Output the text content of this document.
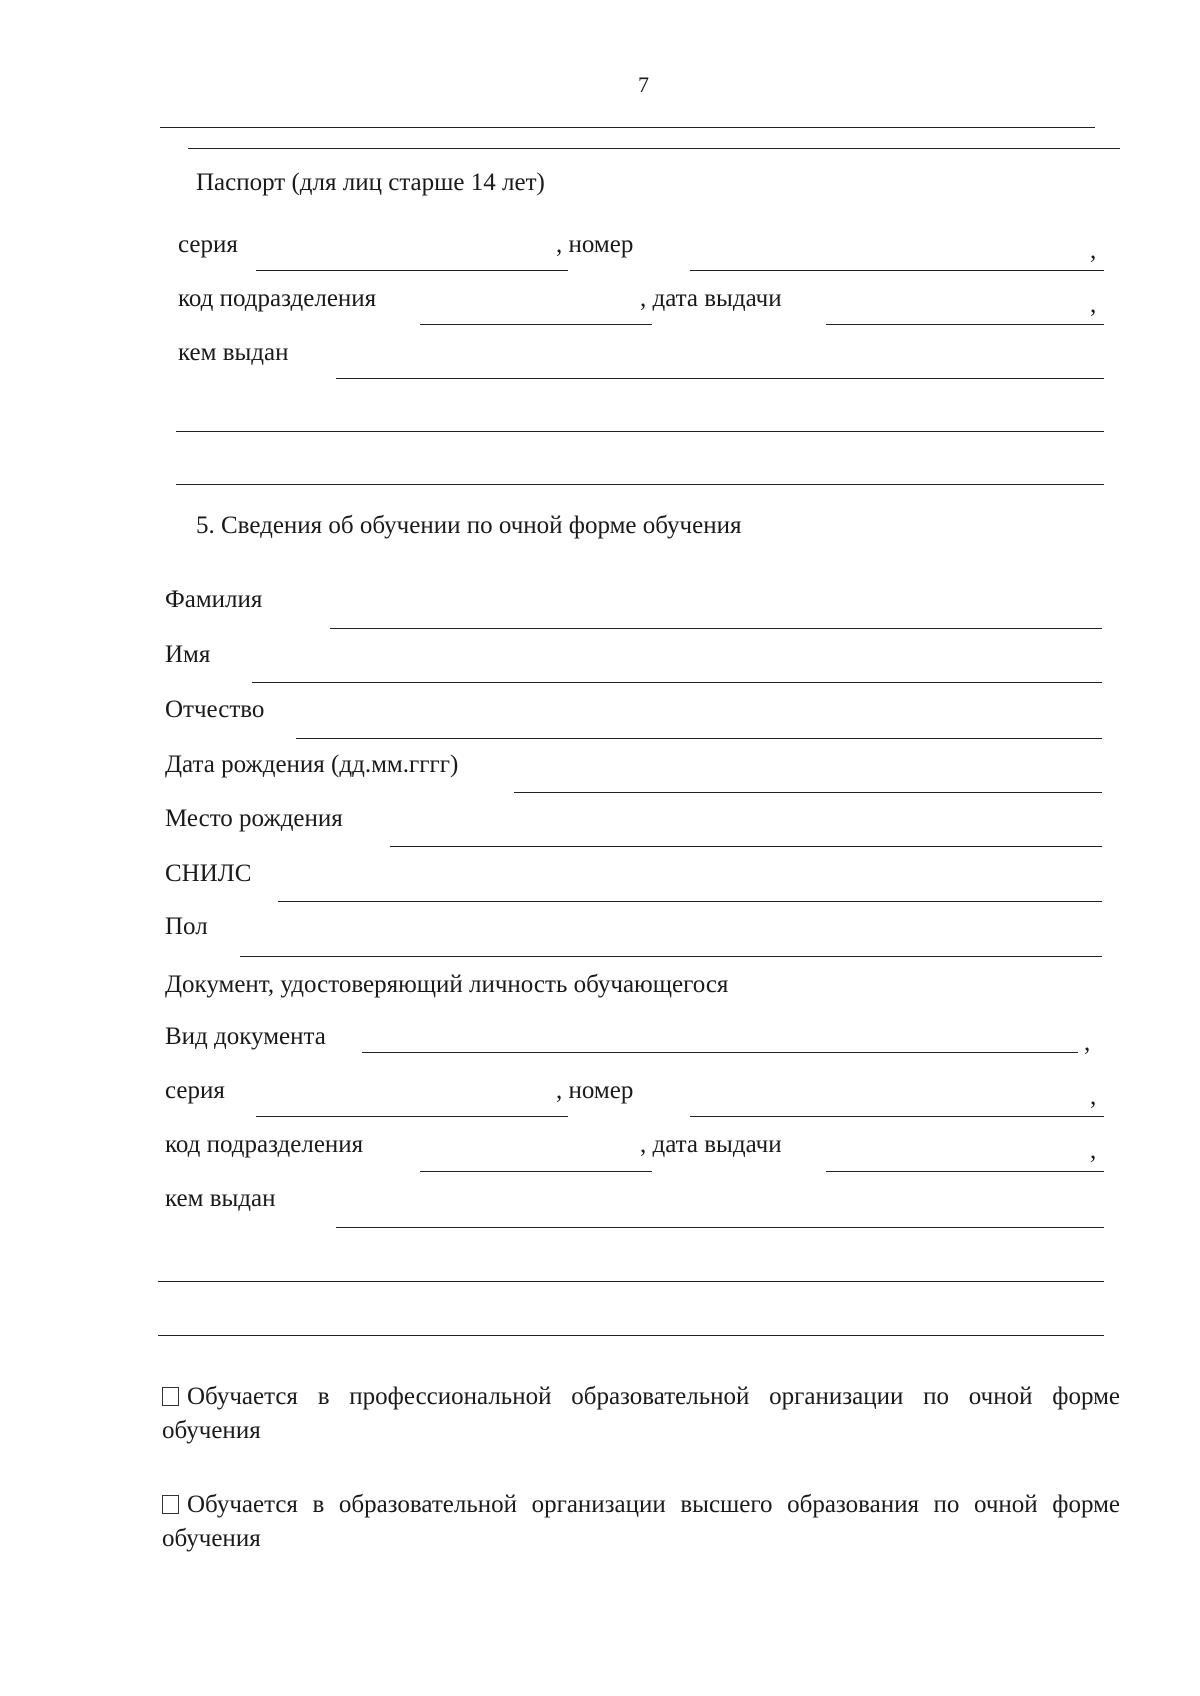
7
Паспорт (для лиц старше 14 лет)
серия	, номер	,
код подразделения	, дата выдачи	,
кем выдан
5. Сведения об обучении по очной форме обучения
Фамилия
Имя
Отчество
Дата рождения (дд.мм.гггг)
Место рождения
СНИЛС
Пол
Документ, удостоверяющий личность обучающегося
Вид документа	,
серия	, номер	,
код подразделения	, дата выдачи	,
кем выдан
Обучается в профессиональной образовательной организации по очной форме обучения
Обучается в образовательной организации высшего образования по очной форме обучения
